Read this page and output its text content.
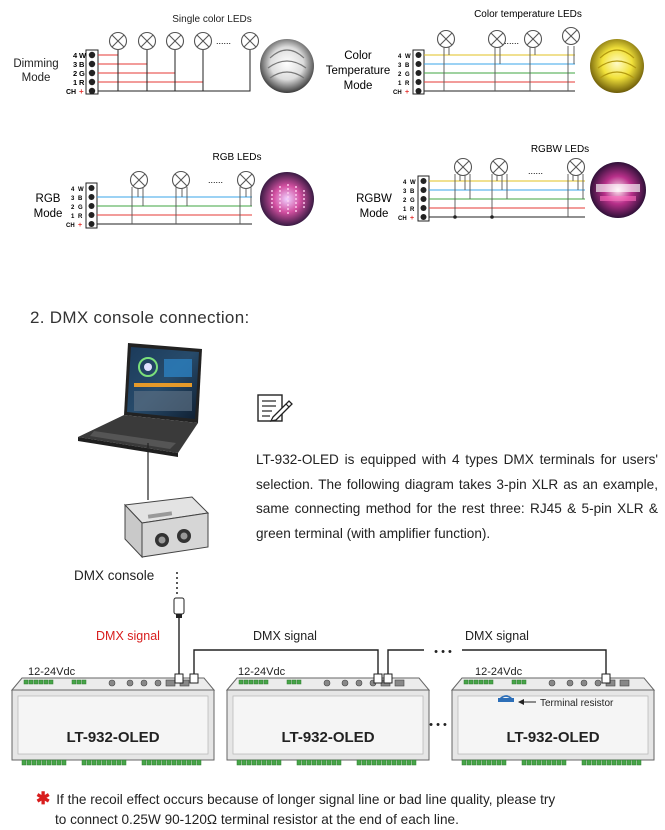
Dimming
Mode
Single color LEDs
4
3
2
1
CH
W
B
G
R
+
......
Color
Temperature
Mode
Color temperature LEDs
4
3
2
1
CH
W
B
G
R
+
......
RGB
Mode
RGB LEDs
4
3
2
1
CH
W
B
G
R
+
......
RGBW
Mode
RGBW LEDs
4
3
2
1
CH
W
B
G
R
+
......
2. DMX console connection:
DMX console
LT-932-OLED is equipped with 4 types DMX terminals for users' selection. The following diagram takes 3-pin XLR as an example, same connecting method for the rest three: RJ45 & 5-pin XLR & green terminal (with amplifier function).
LT-932-OLED	LT-932-OLED	LT-932-OLED
12-24Vdc	12-24Vdc	12-24Vdc
DMX signal	DMX signal	DMX signal
• • •
• • •
Terminal resistor
✱ If the recoil effect occurs because of longer signal line or bad line quality, please try
to connect 0.25W 90-120Ω terminal resistor at the end of each line.
